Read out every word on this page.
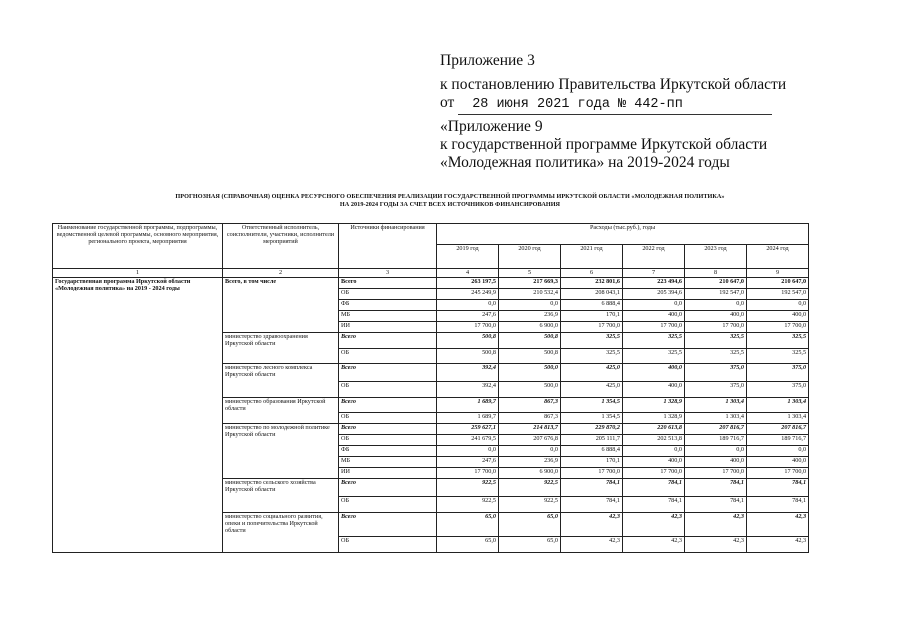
Приложение 3
к постановлению Правительства Иркутской области
от 28 июня 2021 года № 442-пп
«Приложение 9
к государственной программе Иркутской области
«Молодежная политика» на 2019-2024 годы
ПРОГНОЗНАЯ (СПРАВОЧНАЯ) ОЦЕНКА РЕСУРСНОГО ОБЕСПЕЧЕНИЯ РЕАЛИЗАЦИИ ГОСУДАРСТВЕННОЙ ПРОГРАММЫ ИРКУТСКОЙ ОБЛАСТИ «МОЛОДЕЖНАЯ ПОЛИТИКА»
НА 2019-2024 ГОДЫ ЗА СЧЕТ ВСЕХ ИСТОЧНИКОВ ФИНАНСИРОВАНИЯ
Наименование государственной программы, подпрограммы, ведомственной целевой программы, основного мероприятия, регионального проекта, мероприятия	Ответственный исполнитель, соисполнители, участники, исполнители мероприятий	Источники финансирования	Расходы (тыс.руб.), годы					
			2019 год	2020 год	2021 год	2022 год	2023 год	2024 год
1	2	3	4	5	6	7	8	9
Государственная программа Иркутской области «Молодежная политика» на 2019 - 2024 годы	Всего, в том числе	Всего	263 197,5	217 669,3	232 801,6	223 494,6	210 647,0	210 647,0
		ОБ	245 249,9	210 532,4	208 043,1	205 394,6	192 547,0	192 547,0
		ФБ	0,0	0,0	6 888,4	0,0	0,0	0,0
		МБ	247,6	236,9	170,1	400,0	400,0	400,0
		ИИ	17 700,0	6 900,0	17 700,0	17 700,0	17 700,0	17 700,0
	министерство здравоохранения Иркутской области	Всего	500,8	500,8	325,5	325,5	325,5	325,5
		ОБ	500,8	500,8	325,5	325,5	325,5	325,5
	министерство лесного комплекса Иркутской области	Всего	392,4	500,0	425,0	400,0	375,0	375,0
		ОБ	392,4	500,0	425,0	400,0	375,0	375,0
	министерство образования Иркутской области	Всего	1 689,7	867,3	1 354,5	1 328,9	1 303,4	1 303,4
		ОБ	1 689,7	867,3	1 354,5	1 328,9	1 303,4	1 303,4
	министерство по молодежной политике Иркутской области	Всего	259 627,1	214 813,7	229 870,2	220 613,8	207 816,7	207 816,7
		ОБ	241 679,5	207 676,8	205 111,7	202 513,8	189 716,7	189 716,7
		ФБ	0,0	0,0	6 888,4	0,0	0,0	0,0
		МБ	247,6	236,9	170,1	400,0	400,0	400,0
		ИИ	17 700,0	6 900,0	17 700,0	17 700,0	17 700,0	17 700,0
	министерство сельского хозяйства Иркутской области	Всего	922,5	922,5	784,1	784,1	784,1	784,1
		ОБ	922,5	922,5	784,1	784,1	784,1	784,1
	министерство социального развития, опеки и попечительства Иркутской области	Всего	65,0	65,0	42,3	42,3	42,3	42,3
		ОБ	65,0	65,0	42,3	42,3	42,3	42,3
